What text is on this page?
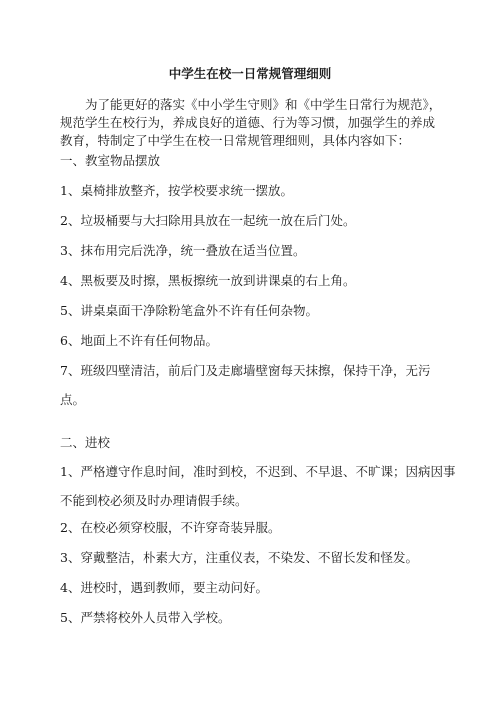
中学生在校一日常规管理细则
为了能更好的落实《中小学生守则》和《中学生日常行为规范》，规范学生在校行为，养成良好的道德、行为等习惯，加强学生的养成教育，特制定了中学生在校一日常规管理细则，具体内容如下：
一、教室物品摆放
1、桌椅排放整齐，按学校要求统一摆放。
2、垃圾桶要与大扫除用具放在一起统一放在后门处。
3、抹布用完后洗净，统一叠放在适当位置。
4、黑板要及时擦，黑板擦统一放到讲课桌的右上角。
5、讲桌桌面干净除粉笔盒外不许有任何杂物。
6、地面上不许有任何物品。
7、班级四壁清洁，前后门及走廊墙壁窗每天抹擦，保持干净，无污点。
二、进校
1、严格遵守作息时间，准时到校，不迟到、不早退、不旷课；因病因事不能到校必须及时办理请假手续。
2、在校必须穿校服，不许穿奇装异服。
3、穿戴整洁，朴素大方，注重仪表，不染发、不留长发和怪发。
4、进校时，遇到教师，要主动问好。
5、严禁将校外人员带入学校。
